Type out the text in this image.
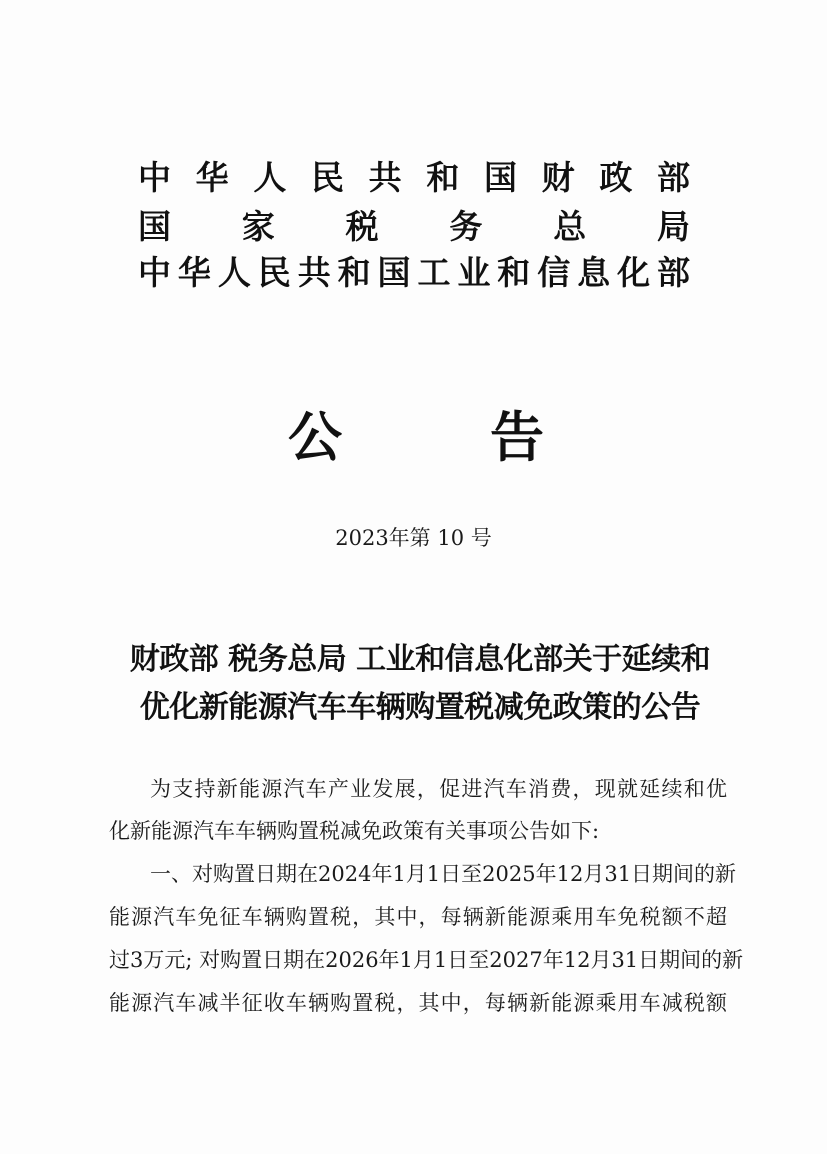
中华人民共和国财政部
国家税务总局
中华人民共和国工业和信息化部
公告
2023年第 10 号
财政部 税务总局 工业和信息化部关于延续和
优化新能源汽车车辆购置税减免政策的公告
为支持新能源汽车产业发展，促进汽车消费，现就延续和优
化新能源汽车车辆购置税减免政策有关事项公告如下:
一、对购置日期在2024年1月1日至2025年12月31日期间的新
能源汽车免征车辆购置税，其中，每辆新能源乘用车免税额不超
过3万元; 对购置日期在2026年1月1日至2027年12月31日期间的新
能源汽车减半征收车辆购置税，其中，每辆新能源乘用车减税额
